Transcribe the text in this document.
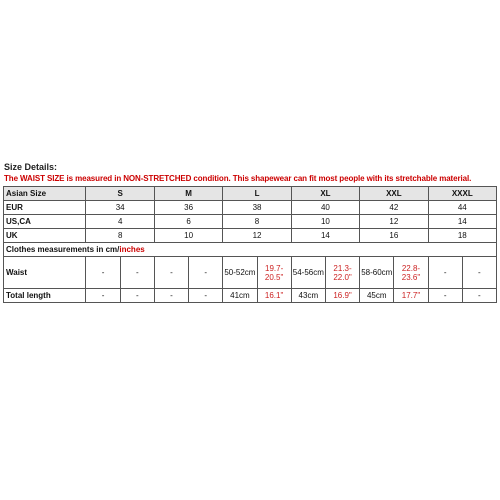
Size Details:
The WAIST SIZE is measured in NON-STRETCHED condition. This shapewear can fit most people with its stretchable material.
Asian Size	S		M		L		XL		XXL		XXXL	
EUR	34		36		38		40		42		44	
US,CA	4		6		8		10		12		14	
UK	8		10		12		14		16		18	
Clothes measurements in cm/inches												
Waist	-	-	-	-	50-52cm	19.7-20.5"	54-56cm	21.3-22.0"	58-60cm	22.8-23.6"	-	-
Total length	-	-	-	-	41cm	16.1"	43cm	16.9"	45cm	17.7"	-	-
